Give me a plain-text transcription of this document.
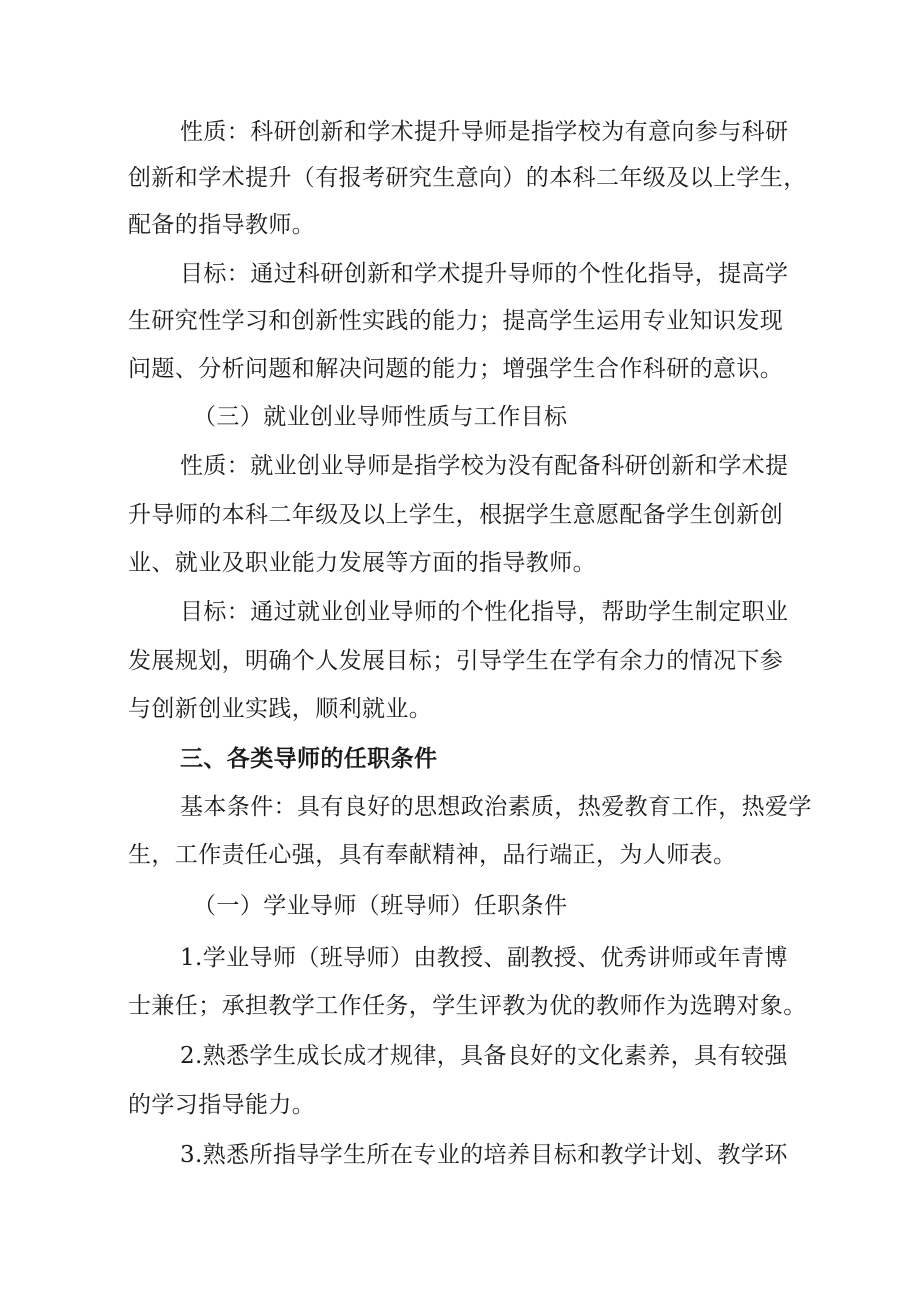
性质：科研创新和学术提升导师是指学校为有意向参与科研
创新和学术提升（有报考研究生意向）的本科二年级及以上学生，
配备的指导教师。
目标：通过科研创新和学术提升导师的个性化指导，提高学
生研究性学习和创新性实践的能力；提高学生运用专业知识发现
问题、分析问题和解决问题的能力；增强学生合作科研的意识。
（三）就业创业导师性质与工作目标
性质：就业创业导师是指学校为没有配备科研创新和学术提
升导师的本科二年级及以上学生，根据学生意愿配备学生创新创
业、就业及职业能力发展等方面的指导教师。
目标：通过就业创业导师的个性化指导，帮助学生制定职业
发展规划，明确个人发展目标；引导学生在学有余力的情况下参
与创新创业实践，顺利就业。
三、各类导师的任职条件
基本条件：具有良好的思想政治素质，热爱教育工作，热爱学
生，工作责任心强，具有奉献精神，品行端正，为人师表。
（一）学业导师（班导师）任职条件
1.学业导师（班导师）由教授、副教授、优秀讲师或年青博
士兼任；承担教学工作任务，学生评教为优的教师作为选聘对象。
2.熟悉学生成长成才规律，具备良好的文化素养，具有较强
的学习指导能力。
3.熟悉所指导学生所在专业的培养目标和教学计划、教学环
